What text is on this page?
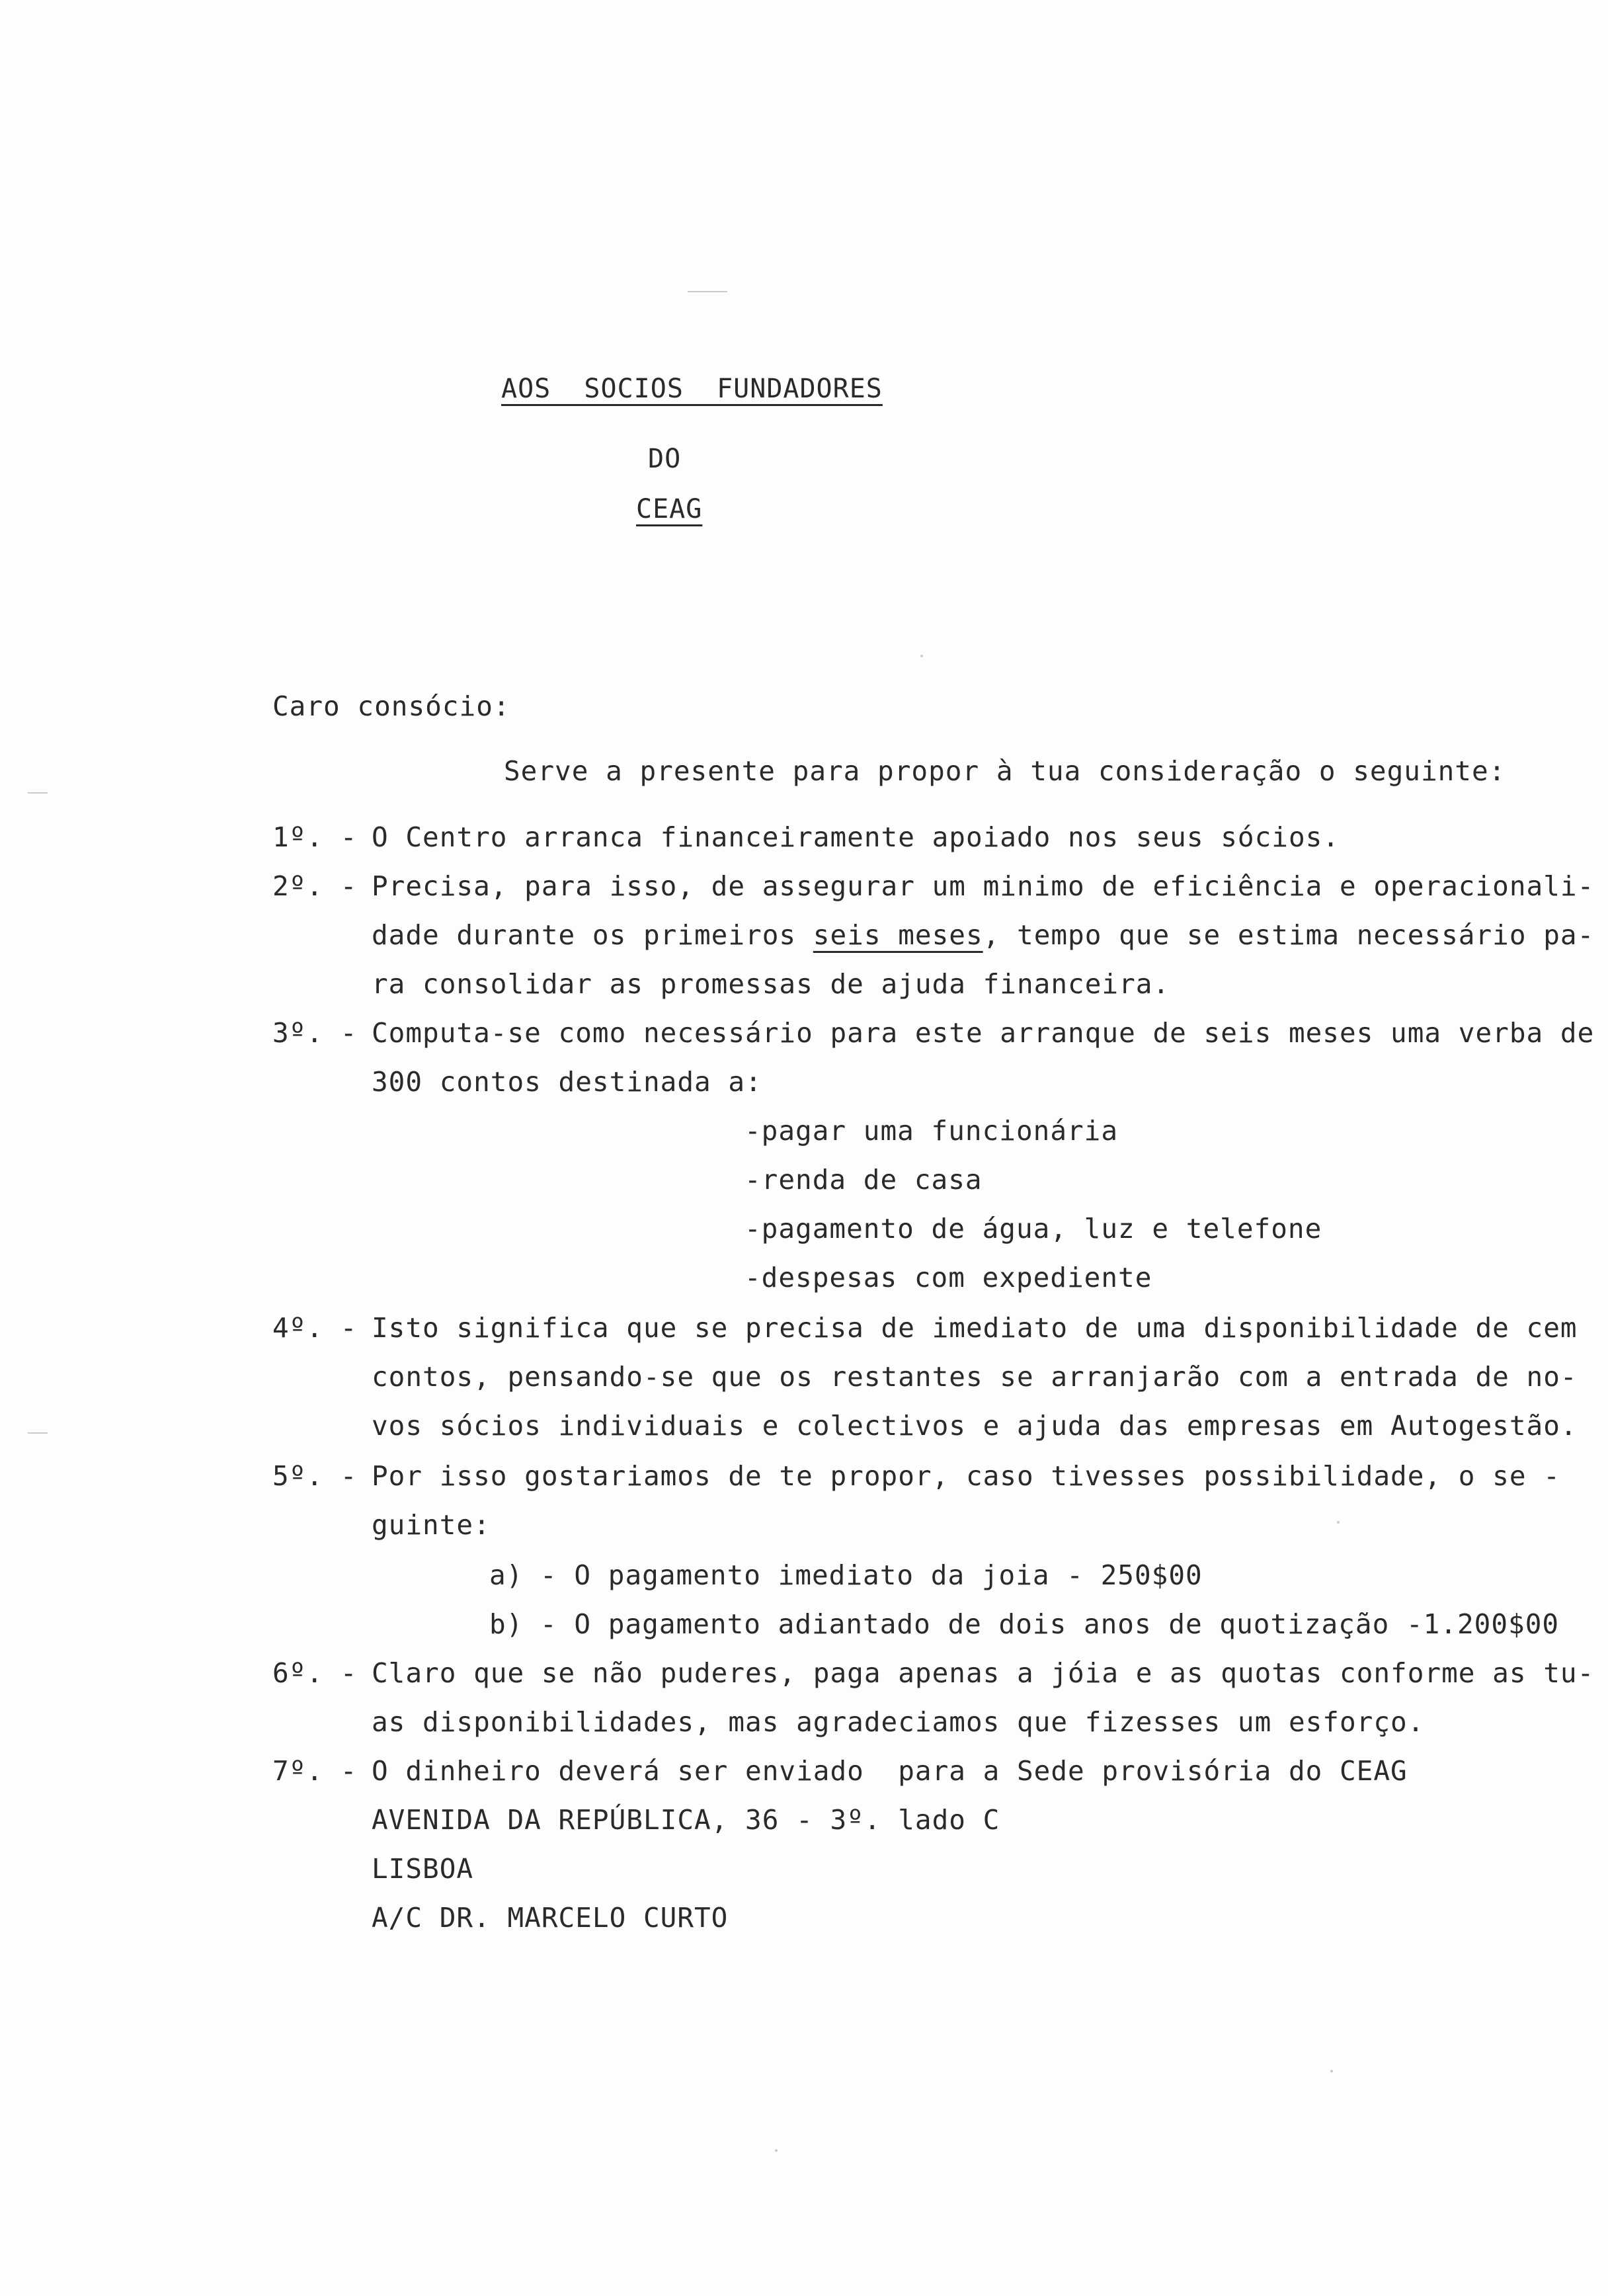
AOS  SOCIOS  FUNDADORES
DO
CEAG
Caro consócio:
Serve a presente para propor à tua consideração o seguinte:
1º. - O Centro arranca financeiramente apoiado nos seus sócios.
2º. - Precisa, para isso, de assegurar um minimo de eficiência e operacionali-
dade durante os primeiros seis meses, tempo que se estima necessário pa-
ra consolidar as promessas de ajuda financeira.
3º. - Computa-se como necessário para este arranque de seis meses uma verba de
300 contos destinada a:
-pagar uma funcionária
-renda de casa
-pagamento de água, luz e telefone
-despesas com expediente
4º. - Isto significa que se precisa de imediato de uma disponibilidade de cem
contos, pensando-se que os restantes se arranjarão com a entrada de no-
vos sócios individuais e colectivos e ajuda das empresas em Autogestão.
5º. - Por isso gostariamos de te propor, caso tivesses possibilidade, o se -
guinte:
a) - O pagamento imediato da joia - 250$00
b) - O pagamento adiantado de dois anos de quotização -1.200$00
6º. - Claro que se não puderes, paga apenas a jóia e as quotas conforme as tu-
as disponibilidades, mas agradeciamos que fizesses um esforço.
7º. - O dinheiro deverá ser enviado  para a Sede provisória do CEAG
AVENIDA DA REPÚBLICA, 36 - 3º. lado C
LISBOA
A/C DR. MARCELO CURTO
